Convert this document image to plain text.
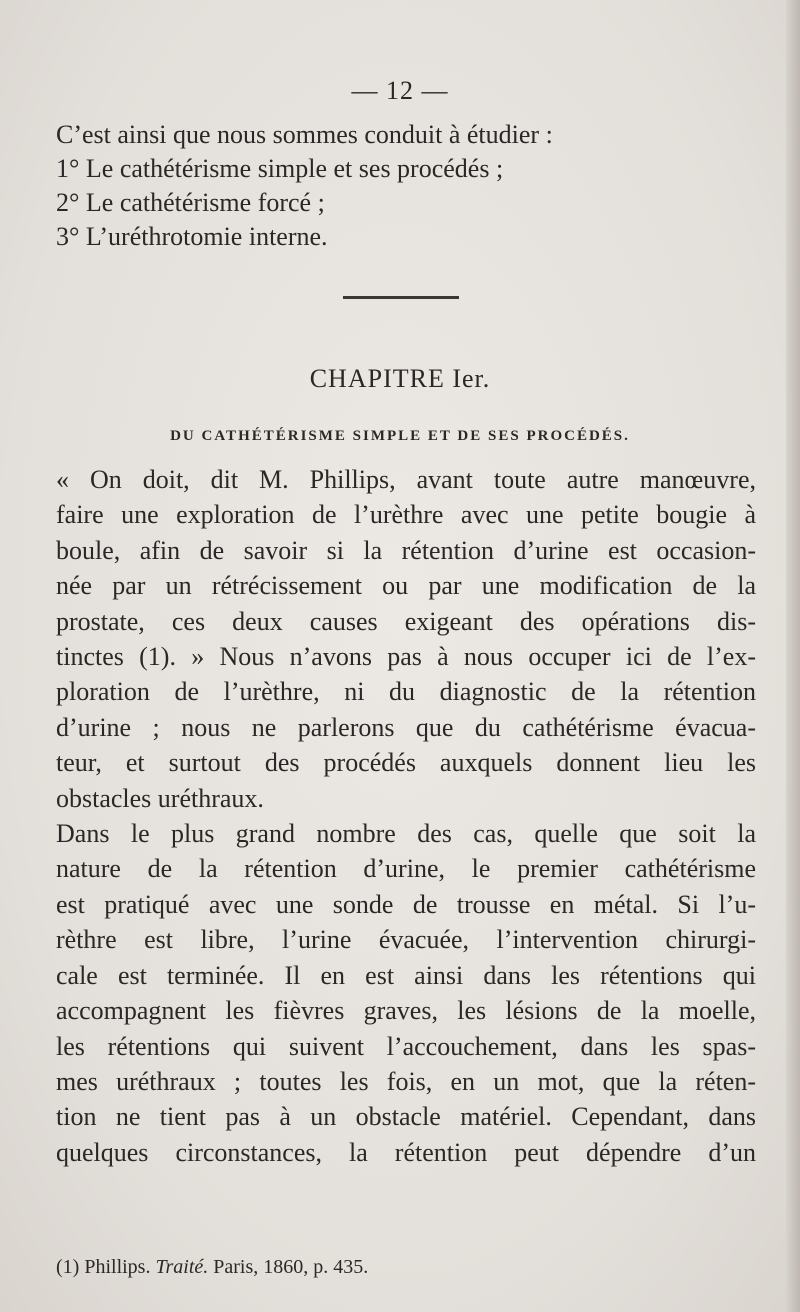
— 12 —
C’est ainsi que nous sommes conduit à étudier :
1° Le cathétérisme simple et ses procédés ;
2° Le cathétérisme forcé ;
3° L’uréthrotomie interne.
CHAPITRE Ier.
DU CATHÉTÉRISME SIMPLE ET DE SES PROCÉDÉS.
« On doit, dit M. Phillips, avant toute autre manœuvre,
faire une exploration de l’urèthre avec une petite bougie à
boule, afin de savoir si la rétention d’urine est occasion-
née par un rétrécissement ou par une modification de la
prostate, ces deux causes exigeant des opérations dis-
tinctes (1). » Nous n’avons pas à nous occuper ici de l’ex-
ploration de l’urèthre, ni du diagnostic de la rétention
d’urine ; nous ne parlerons que du cathétérisme évacua-
teur, et surtout des procédés auxquels donnent lieu les
obstacles uréthraux.
Dans le plus grand nombre des cas, quelle que soit la
nature de la rétention d’urine, le premier cathétérisme
est pratiqué avec une sonde de trousse en métal. Si l’u-
rèthre est libre, l’urine évacuée, l’intervention chirurgi-
cale est terminée. Il en est ainsi dans les rétentions qui
accompagnent les fièvres graves, les lésions de la moelle,
les rétentions qui suivent l’accouchement, dans les spas-
mes uréthraux ; toutes les fois, en un mot, que la réten-
tion ne tient pas à un obstacle matériel. Cependant, dans
quelques circonstances, la rétention peut dépendre d’un
(1) Phillips. Traité. Paris, 1860, p. 435.
